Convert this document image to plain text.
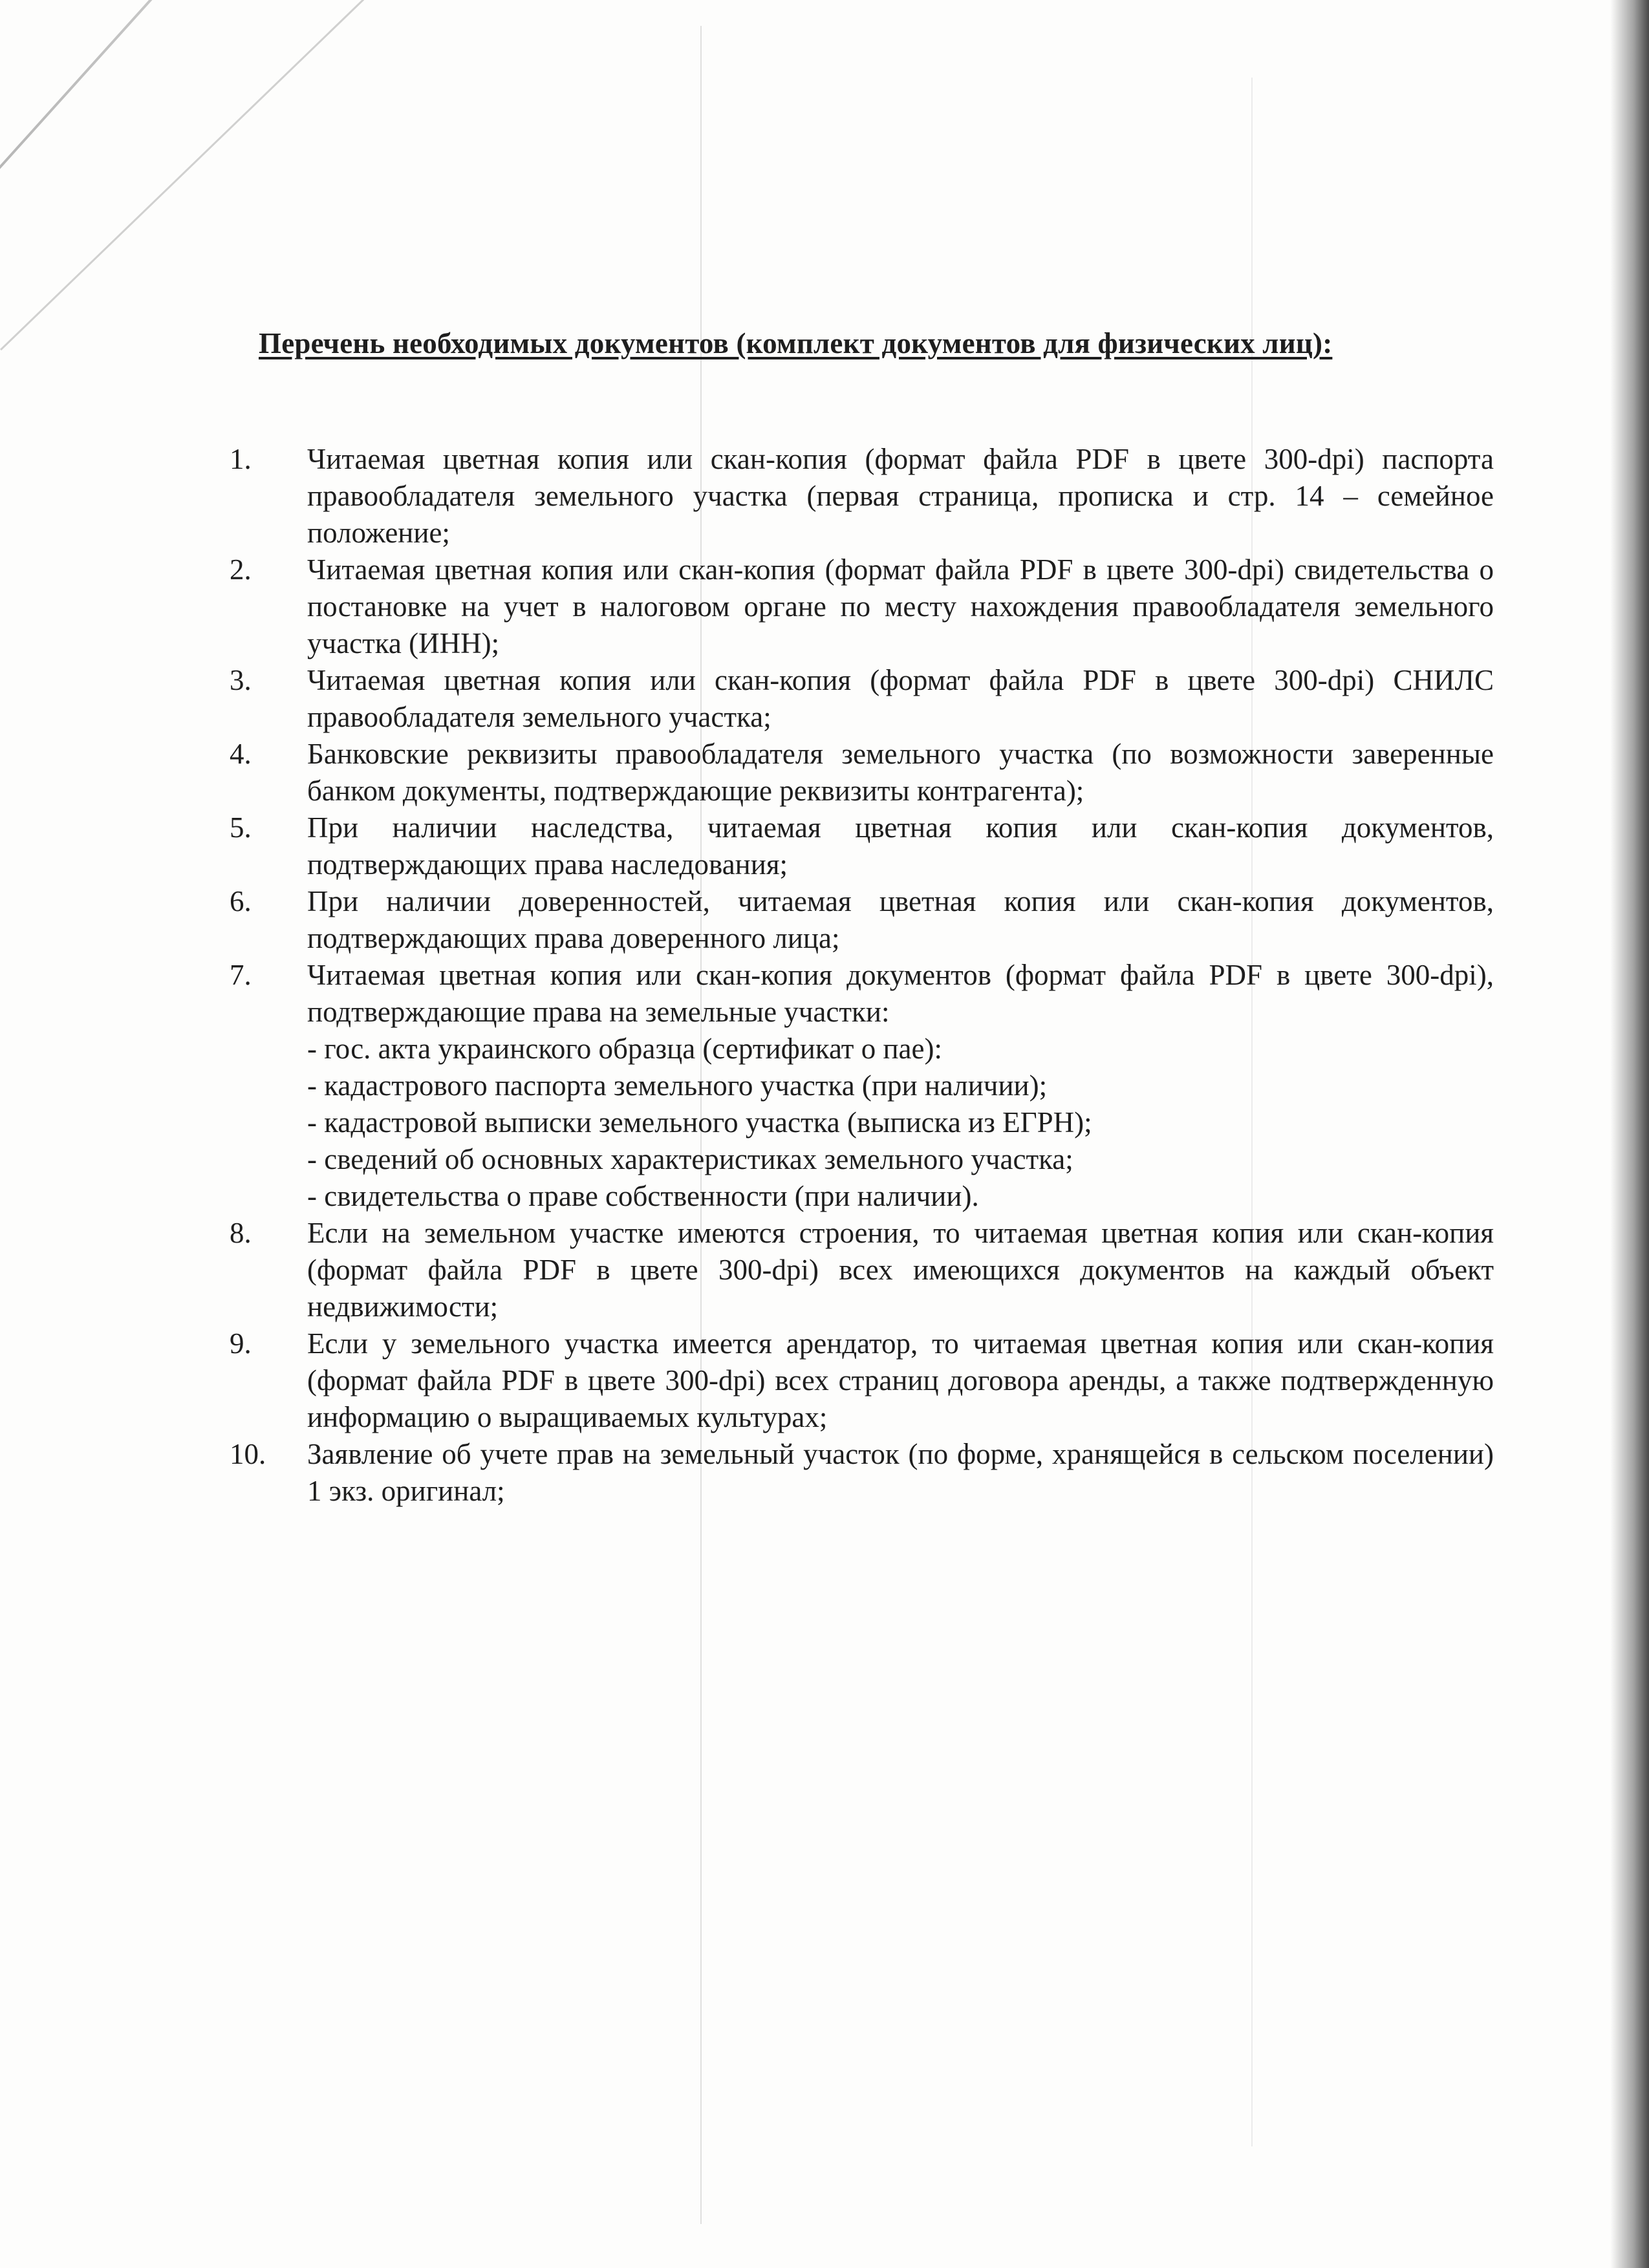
Перечень необходимых документов (комплект документов для физических лиц):
1.	Читаемая цветная копия или скан-копия (формат файла PDF в цвете 300-dpi) паспорта правообладателя земельного участка (первая страница, прописка и стр. 14 – семейное положение;
2.	Читаемая цветная копия или скан-копия (формат файла PDF в цвете 300-dpi) свидетельства о постановке на учет в налоговом органе по месту нахождения правообладателя земельного участка (ИНН);
3.	Читаемая цветная копия или скан-копия (формат файла PDF в цвете 300-dpi) СНИЛС правообладателя земельного участка;
4.	Банковские реквизиты правообладателя земельного участка (по возможности заверенные банком документы, подтверждающие реквизиты контрагента);
5.	При наличии наследства, читаемая цветная копия или скан-копия документов, подтверждающих права наследования;
6.	При наличии доверенностей, читаемая цветная копия или скан-копия документов, подтверждающих права доверенного лица;
7.	Читаемая цветная копия или скан-копия документов (формат файла PDF в цвете 300-dpi), подтверждающие права на земельные участки:
- гос. акта украинского образца (сертификат о пае):
- кадастрового паспорта земельного участка (при наличии);
- кадастровой выписки земельного участка (выписка из ЕГРН);
- сведений об основных характеристиках земельного участка;
- свидетельства о праве собственности (при наличии).
8.	Если на земельном участке имеются строения, то читаемая цветная копия или скан-копия (формат файла PDF в цвете 300-dpi) всех имеющихся документов на каждый объект недвижимости;
9.	Если у земельного участка имеется арендатор, то читаемая цветная копия или скан-копия (формат файла PDF в цвете 300-dpi) всех страниц договора аренды, а также подтвержденную информацию о выращиваемых культурах;
10.	Заявление об учете прав на земельный участок (по форме, хранящейся в сельском поселении) 1 экз. оригинал;
